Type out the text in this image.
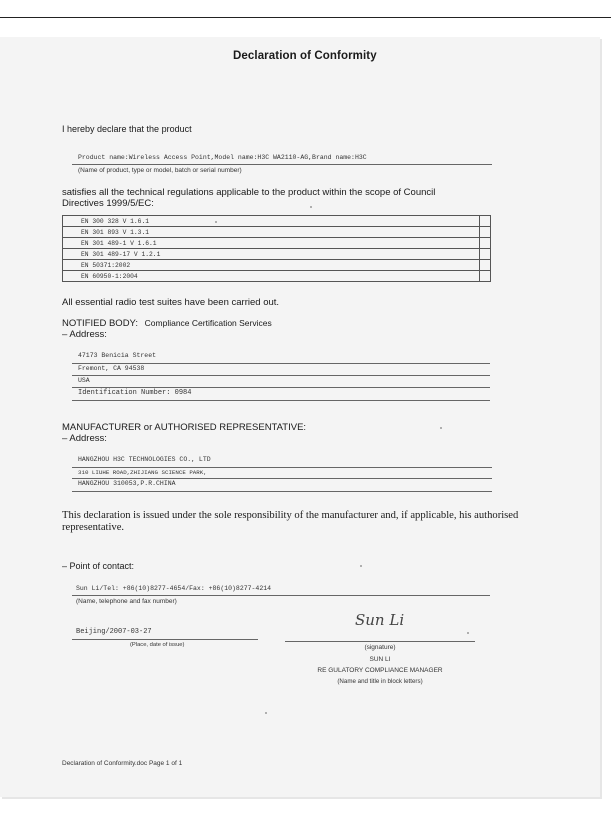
Declaration of Conformity
I hereby declare that the product
Product name:Wireless Access Point,Model name:H3C WA2110-AG,Brand name:H3C
(Name of product, type or model, batch or serial number)
satisfies all the technical regulations applicable to the product within the scope of Council
Directives 1999/5/EC:
EN 300 328 V 1.6.1	
EN 301 893 V 1.3.1	
EN 301 489-1 V 1.6.1	
EN 301 489-17 V 1.2.1	
EN 50371:2002	
EN 60950-1:2004	
All essential radio test suites have been carried out.
NOTIFIED BODY: Compliance Certification Services
– Address:
47173 Benicia Street
Fremont, CA 94538
USA
Identification Number: 0984
MANUFACTURER or AUTHORISED REPRESENTATIVE:
– Address:
HANGZHOU H3C TECHNOLOGIES CO., LTD
310 LIUHE ROAD,ZHIJIANG SCIENCE PARK,
HANGZHOU 310053,P.R.CHINA
This declaration is issued under the sole responsibility of the manufacturer and, if applicable, his authorised
representative.
– Point of contact:
Sun Li/Tel: +86(10)8277-4654/Fax: +86(10)8277-4214
(Name, telephone and fax number)
Sun Li
Beijing/2007-03-27
(Place, date of issue)	(signature)
SUN LI
RE GULATORY COMPLIANCE MANAGER
(Name and title in block letters)
Declaration of Conformity.doc Page 1 of 1
